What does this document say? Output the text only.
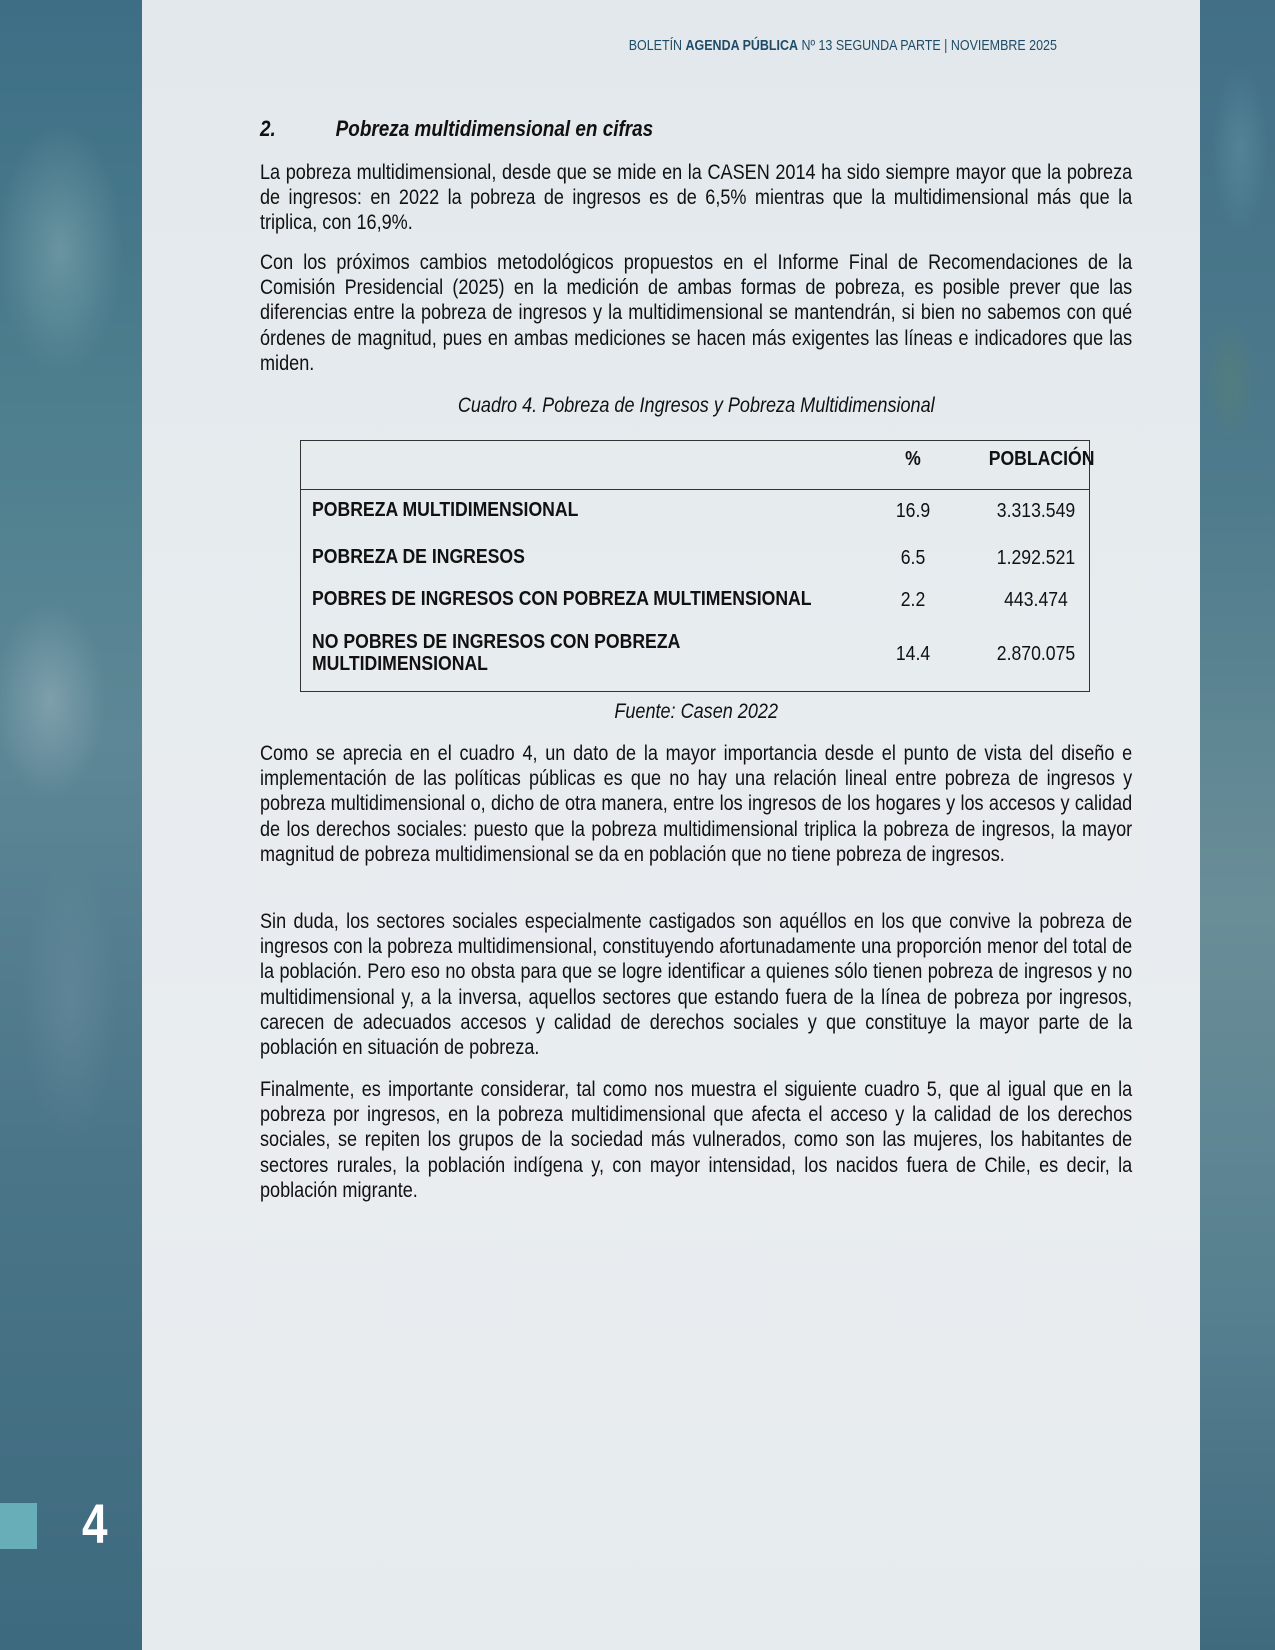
4
BOLETÍN AGENDA PÚBLICA Nº 13 SEGUNDA PARTE | NOVIEMBRE 2025
2.	Pobreza multidimensional en cifras
La pobreza multidimensional, desde que se mide en la CASEN 2014 ha sido siempre mayor que la pobreza de ingresos: en 2022 la pobreza de ingresos es de 6,5% mientras que la multidimensional más que la triplica, con 16,9%.
Con los próximos cambios metodológicos propuestos en el Informe Final de Recomendaciones de la Comisión Presidencial (2025) en la medición de ambas formas de pobreza, es posible prever que las diferencias entre la pobreza de ingresos y la multidimensional se mantendrán, si bien no sabemos con qué órdenes de magnitud, pues en ambas mediciones se hacen más exigentes las líneas e indicadores que las miden.
Cuadro 4. Pobreza de Ingresos y Pobreza Multidimensional
%	POBLACIÓN
POBREZA MULTIDIMENSIONAL	16.9	3.313.549
POBREZA DE INGRESOS	6.5	1.292.521
POBRES DE INGRESOS CON POBREZA MULTIMENSIONAL	2.2	443.474
NO POBRES DE INGRESOS CON POBREZA
MULTIDIMENSIONAL	14.4	2.870.075
Fuente: Casen 2022
Como se aprecia en el cuadro 4, un dato de la mayor importancia desde el punto de vista del diseño e implementación de las políticas públicas es que no hay una relación lineal entre pobreza de ingresos y pobreza multidimensional o, dicho de otra manera, entre los ingresos de los hogares y los accesos y calidad de los derechos sociales: puesto que la pobreza multidimensional triplica la pobreza de ingresos, la mayor magnitud de pobreza multidimensional se da en población que no tiene pobreza de ingresos.
Sin duda, los sectores sociales especialmente castigados son aquéllos en los que convive la pobreza de ingresos con la pobreza multidimensional, constituyendo afortunadamente una proporción menor del total de la población. Pero eso no obsta para que se logre identificar a quienes sólo tienen pobreza de ingresos y no multidimensional y, a la inversa, aquellos sectores que estando fuera de la línea de pobreza por ingresos, carecen de adecuados accesos y calidad de derechos sociales y que constituye la mayor parte de la población en situación de pobreza.
Finalmente, es importante considerar, tal como nos muestra el siguiente cuadro 5, que al igual que en la pobreza por ingresos, en la pobreza multidimensional que afecta el acceso y la calidad de los derechos sociales, se repiten los grupos de la sociedad más vulnerados, como son las mujeres, los habitantes de sectores rurales, la población indígena y, con mayor intensidad, los nacidos fuera de Chile, es decir, la población migrante.
